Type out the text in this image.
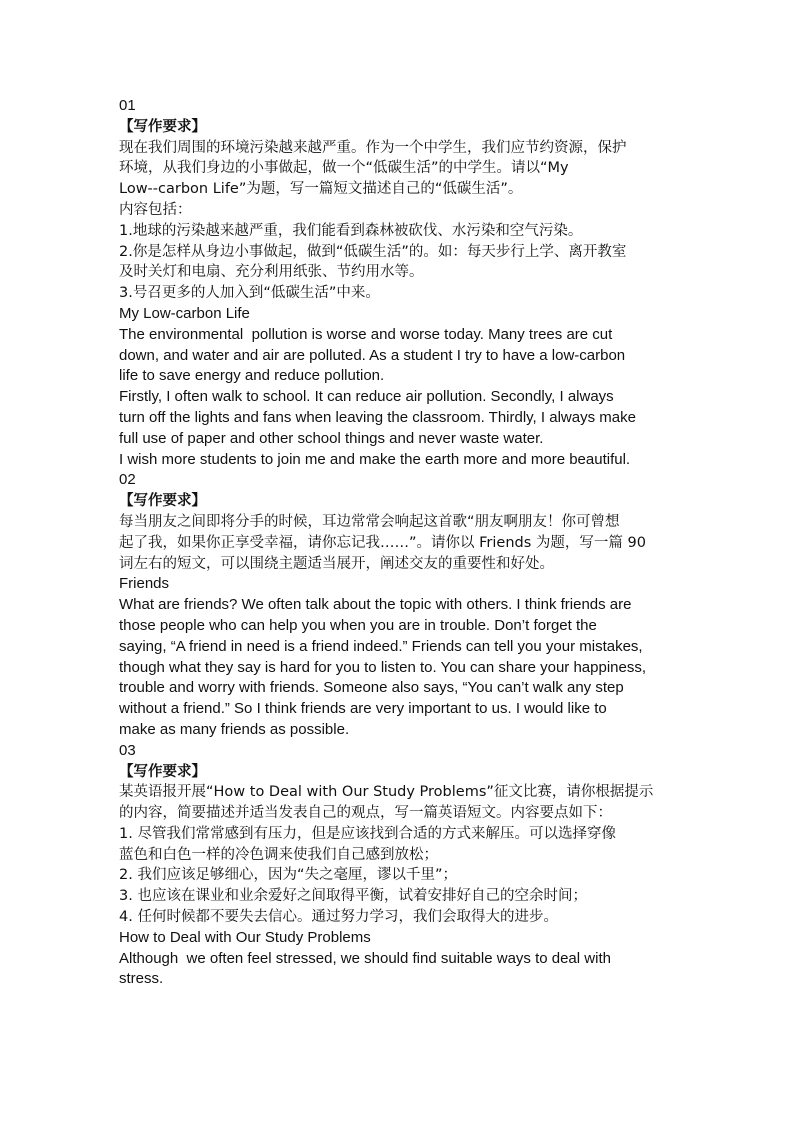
01

【写作要求】

现在我们周围的环境污染越来越严重。作为一个中学生，我们应节约资源，保护

环境，从我们身边的小事做起，做一个“低碳生活”的中学生。请以“My

Low--carbon Life”为题，写一篇短文描述自己的“低碳生活”。

内容包括：

1.地球的污染越来越严重，我们能看到森林被砍伐、水污染和空气污染。

2.你是怎样从身边小事做起，做到“低碳生活”的。如：每天步行上学、离开教室

及时关灯和电扇、充分利用纸张、节约用水等。

3.号召更多的人加入到“低碳生活”中来。

My Low-carbon Life

The environmental  pollution is worse and worse today. Many trees are cut

down, and water and air are polluted. As a student I try to have a low-carbon

life to save energy and reduce pollution.

Firstly, I often walk to school. It can reduce air pollution. Secondly, I always

turn off the lights and fans when leaving the classroom. Thirdly, I always make

full use of paper and other school things and never waste water.

I wish more students to join me and make the earth more and more beautiful.

02

【写作要求】

每当朋友之间即将分手的时候，耳边常常会响起这首歌“朋友啊朋友！你可曾想

起了我，如果你正享受幸福，请你忘记我……”。请你以 Friends 为题，写一篇 90

词左右的短文，可以围绕主题适当展开，阐述交友的重要性和好处。

Friends

What are friends? We often talk about the topic with others. I think friends are

those people who can help you when you are in trouble. Don’t forget the

saying, “A friend in need is a friend indeed.” Friends can tell you your mistakes,

though what they say is hard for you to listen to. You can share your happiness,

trouble and worry with friends. Someone also says, “You can’t walk any step

without a friend.” So I think friends are very important to us. I would like to

make as many friends as possible.

03

【写作要求】

某英语报开展“How to Deal with Our Study Problems”征文比赛，请你根据提示

的内容，简要描述并适当发表自己的观点，写一篇英语短文。内容要点如下：

1. 尽管我们常常感到有压力，但是应该找到合适的方式来解压。可以选择穿像

蓝色和白色一样的冷色调来使我们自己感到放松；

2. 我们应该足够细心，因为“失之毫厘，谬以千里”；

3. 也应该在课业和业余爱好之间取得平衡，试着安排好自己的空余时间；

4. 任何时候都不要失去信心。通过努力学习，我们会取得大的进步。

How to Deal with Our Study Problems

Although  we often feel stressed, we should find suitable ways to deal with

stress.
